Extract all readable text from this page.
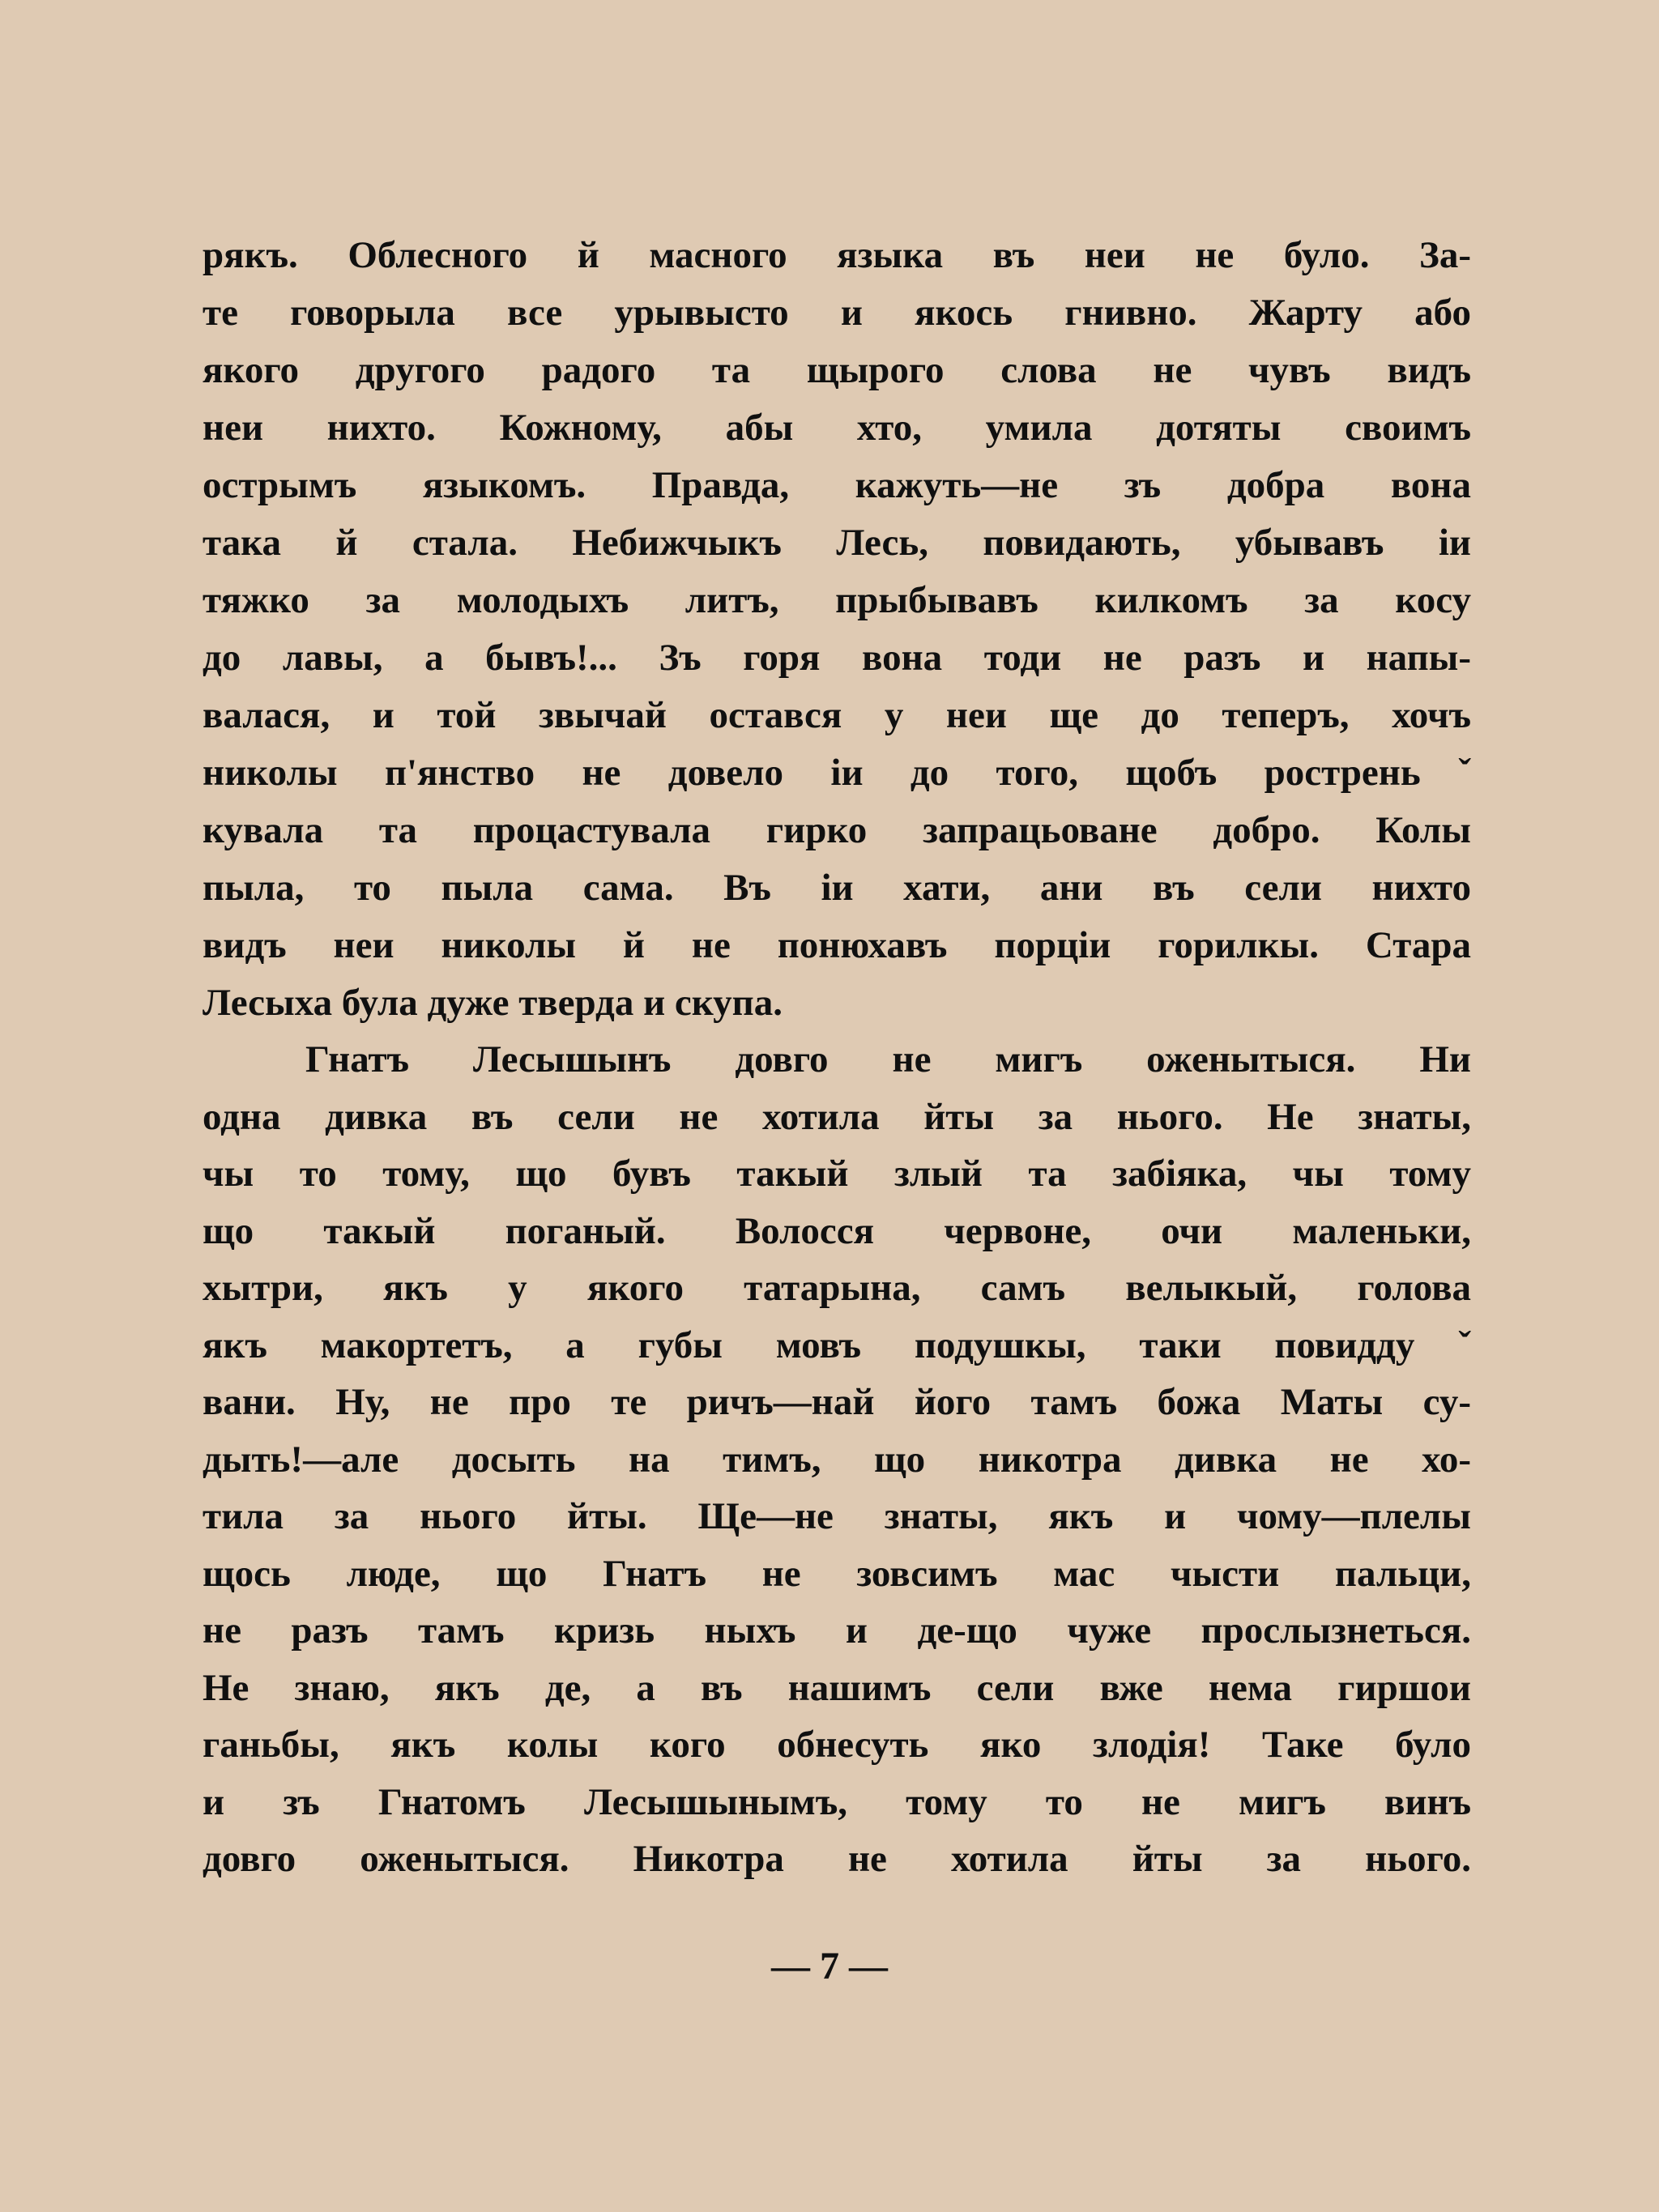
рякъ. Облесного й масного языка въ неи не було. За-
те говорыла все урывысто и якось гнивно. Жарту або
якого другого радого та щырого слова не чувъ видъ
неи нихто. Кожному, абы хто, умила дотяты своимъ
острымъ языкомъ. Правда, кажуть—не зъ добра вона
така й стала. Небижчыкъ Лесь, повидають, убывавъ іи
тяжко за молодыхъ литъ, прыбывавъ килкомъ за косу
до лавы, а бывъ!... Зъ горя вона тоди не разъ и напы-
валася, и той звычай остався у неи ще до теперъ, хочъ
николы п'янство не довело іи до того, щобъ ростреньˇ
кувала та процастувала гирко запрацьоване добро. Колы
пыла, то пыла сама. Въ іи хати, ани въ сели нихто
видъ неи николы й не понюхавъ порціи горилкы. Стара
Лесыха була дуже тверда и скупа.
Гнатъ Лесышынъ довго не мигъ оженытыся. Ни
одна дивка въ сели не хотила йты за нього. Не знаты,
чы то тому, що бувъ такый злый та забіяка, чы тому
що такый поганый. Волосся червоне, очи маленьки,
хытри, якъ у якого татарына, самъ велыкый, голова
якъ макортетъ, а губы мовъ подушкы, таки повиддуˇ
вани. Ну, не про те ричъ—най його тамъ божа Маты су-
дыть!—але досыть на тимъ, що никотра дивка не хо-
тила за нього йты. Ще—не знаты, якъ и чому—плелы
щось люде, що Гнатъ не зовсимъ мас чысти пальци,
не разъ тамъ кризь ныхъ и де-що чуже прослызнеться.
Не знаю, якъ де, а въ нашимъ сели вже нема гиршои
ганьбы, якъ колы кого обнесуть яко злодія! Таке було
и зъ Гнатомъ Лесышынымъ, тому то не мигъ винъ
довго оженытыся. Никотра не хотила йты за нього.
— 7 —
